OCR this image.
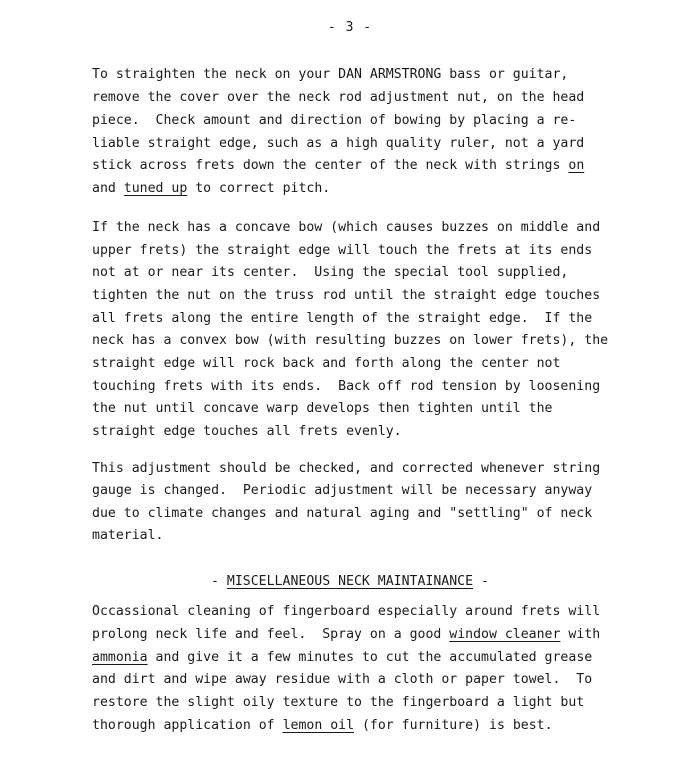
- 3 -
To straighten the neck on your DAN ARMSTRONG bass or guitar,
remove the cover over the neck rod adjustment nut, on the head
piece.  Check amount and direction of bowing by placing a re-
liable straight edge, such as a high quality ruler, not a yard
stick across frets down the center of the neck with strings on
and tuned up to correct pitch.
If the neck has a concave bow (which causes buzzes on middle and
upper frets) the straight edge will touch the frets at its ends
not at or near its center.  Using the special tool supplied,
tighten the nut on the truss rod until the straight edge touches
all frets along the entire length of the straight edge.  If the
neck has a convex bow (with resulting buzzes on lower frets), the
straight edge will rock back and forth along the center not
touching frets with its ends.  Back off rod tension by loosening
the nut until concave warp develops then tighten until the
straight edge touches all frets evenly.
This adjustment should be checked, and corrected whenever string
gauge is changed.  Periodic adjustment will be necessary anyway
due to climate changes and natural aging and "settling" of neck
material.
- MISCELLANEOUS NECK MAINTAINANCE -
Occassional cleaning of fingerboard especially around frets will
prolong neck life and feel.  Spray on a good window cleaner with
ammonia and give it a few minutes to cut the accumulated grease
and dirt and wipe away residue with a cloth or paper towel.  To
restore the slight oily texture to the fingerboard a light but
thorough application of lemon oil (for furniture) is best.
